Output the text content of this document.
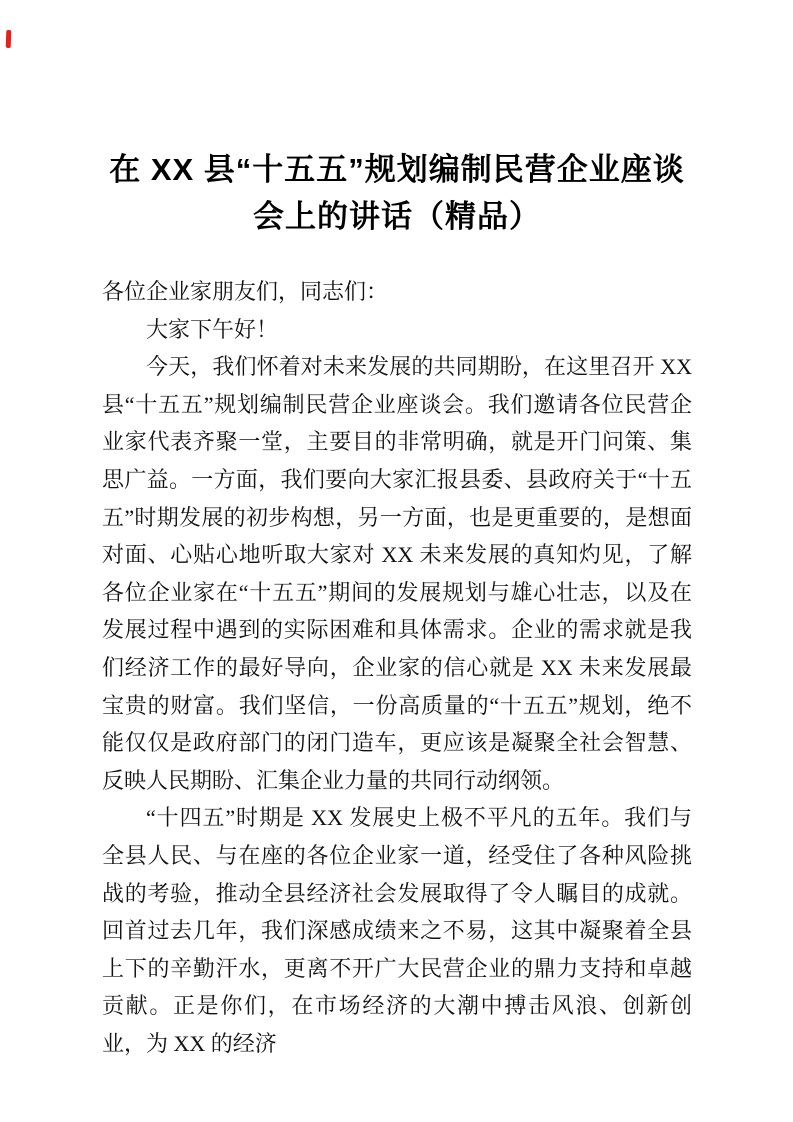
在 XX 县“十五五”规划编制民营企业座谈会上的讲话（精品）

各位企业家朋友们，同志们：

大家下午好！

今天，我们怀着对未来发展的共同期盼，在这里召开 XX 县“十五五”规划编制民营企业座谈会。我们邀请各位民营企业家代表齐聚一堂，主要目的非常明确，就是开门问策、集思广益。一方面，我们要向大家汇报县委、县政府关于“十五五”时期发展的初步构想，另一方面，也是更重要的，是想面对面、心贴心地听取大家对 XX 未来发展的真知灼见，了解各位企业家在“十五五”期间的发展规划与雄心壮志，以及在发展过程中遇到的实际困难和具体需求。企业的需求就是我们经济工作的最好导向，企业家的信心就是 XX 未来发展最宝贵的财富。我们坚信，一份高质量的“十五五”规划，绝不能仅仅是政府部门的闭门造车，更应该是凝聚全社会智慧、反映人民期盼、汇集企业力量的共同行动纲领。

“十四五”时期是 XX 发展史上极不平凡的五年。我们与全县人民、与在座的各位企业家一道，经受住了各种风险挑战的考验，推动全县经济社会发展取得了令人瞩目的成就。回首过去几年，我们深感成绩来之不易，这其中凝聚着全县上下的辛勤汗水，更离不开广大民营企业的鼎力支持和卓越贡献。正是你们，在市场经济的大潮中搏击风浪、创新创业，为 XX 的经济
